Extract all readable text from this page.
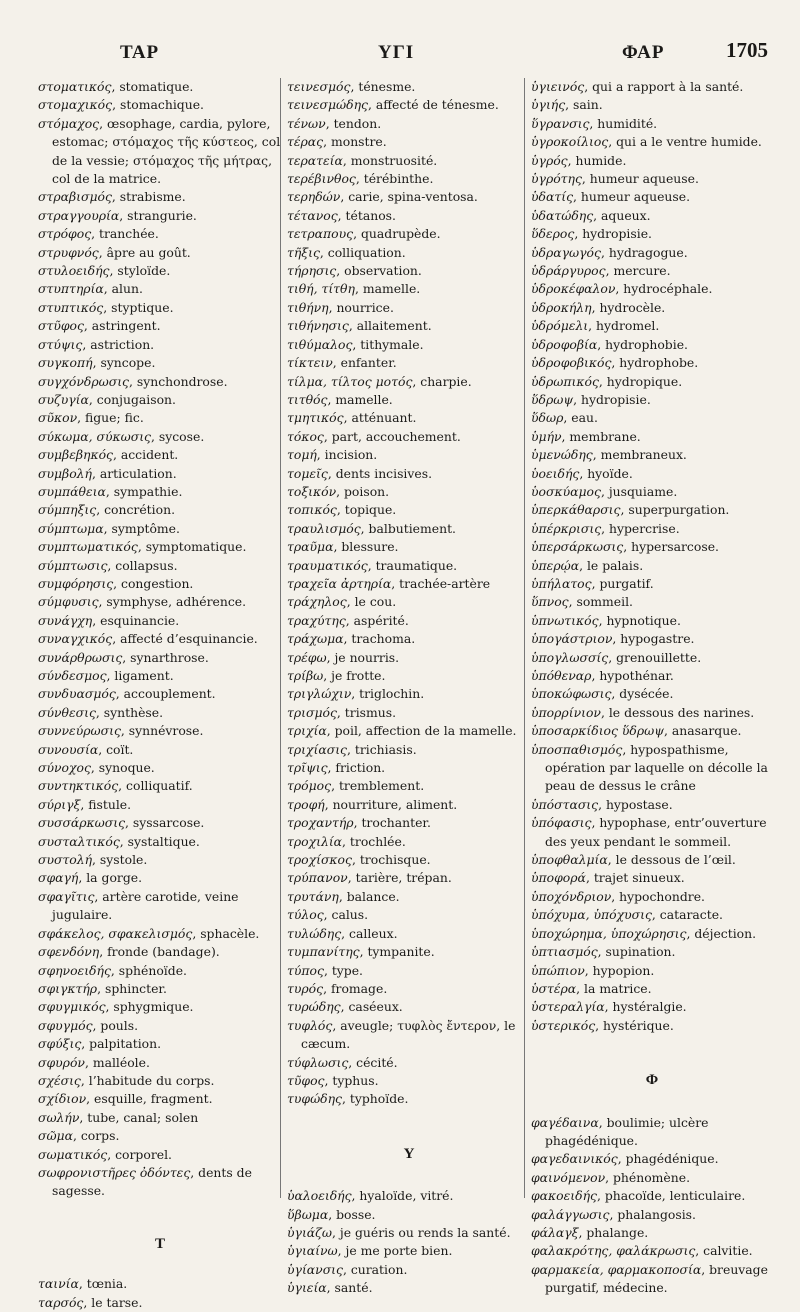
ΤΑΡ	ΥΓΙ	ΦΑΡ	1705
στοματικός, stomatique.
στομαχικός, stomachique.
στόμαχος, œsophage, cardia, pylore, estomac; στόμαχος τῆς κύστεος, col de la vessie; στόμαχος τῆς μήτρας, col de la matrice.
στραβισμός, strabisme.
στραγγουρία, strangurie.
στρόφος, tranchée.
στρυφνός, âpre au goût.
στυλοειδής, styloïde.
στυπτηρία, alun.
στυπτικός, styptique.
στῦφος, astringent.
στύψις, astriction.
συγκοπή, syncope.
συγχόνδρωσις, synchondrose.
συζυγία, conjugaison.
σῦκον, figue; fic.
σύκωμα, σύκωσις, sycose.
συμβεβηκός, accident.
συμβολή, articulation.
συμπάθεια, sympathie.
σύμπηξις, concrétion.
σύμπτωμα, symptôme.
συμπτωματικός, symptomatique.
σύμπτωσις, collapsus.
συμφόρησις, congestion.
σύμφυσις, symphyse, adhérence.
συνάγχη, esquinancie.
συναγχικός, affecté d’esquinancie.
συνάρθρωσις, synarthrose.
σύνδεσμος, ligament.
συνδυασμός, accouplement.
σύνθεσις, synthèse.
συννεύρωσις, synnévrose.
συνουσία, coït.
σύνοχος, synoque.
συντηκτικός, colliquatif.
σύριγξ, fistule.
συσσάρκωσις, syssarcose.
συσταλτικός, systaltique.
συστολή, systole.
σφαγή, la gorge.
σφαγῖτις, artère carotide, veine jugulaire.
σφάκελος, σφακελισμός, sphacèle.
σφενδόνη, fronde (bandage).
σφηνοειδής, sphénoïde.
σφιγκτήρ, sphincter.
σφυγμικός, sphygmique.
σφυγμός, pouls.
σφύξις, palpitation.
σφυρόν, malléole.
σχέσις, l’habitude du corps.
σχίδιον, esquille, fragment.
σωλήν, tube, canal; solen
σῶμα, corps.
σωματικός, corporel.
σωφρονιστῆρες ὀδόντες, dents de sagesse.
Τ
ταινία, tœnia.
ταρσός, le tarse.
τεινεσμός, ténesme.
τεινεσμώδης, affecté de ténesme.
τένων, tendon.
τέρας, monstre.
τερατεία, monstruosité.
τερέβινθος, térébinthe.
τερηδών, carie, spina-ventosa.
τέτανος, tétanos.
τετραπους, quadrupède.
τῆξις, colliquation.
τήρησις, observation.
τιθή, τίτθη, mamelle.
τιθήνη, nourrice.
τιθήνησις, allaitement.
τιθύμαλος, tithymale.
τίκτειν, enfanter.
τίλμα, τίλτος μοτός, charpie.
τιτθός, mamelle.
τμητικός, atténuant.
τόκος, part, accouchement.
τομή, incision.
τομεῖς, dents incisives.
τοξικόν, poison.
τοπικός, topique.
τραυλισμός, balbutiement.
τραῦμα, blessure.
τραυματικός, traumatique.
τραχεῖα ἀρτηρία, trachée-artère
τράχηλος, le cou.
τραχύτης, aspérité.
τράχωμα, trachoma.
τρέφω, je nourris.
τρίβω, je frotte.
τριγλώχιν, triglochin.
τρισμός, trismus.
τριχία, poil, affection de la mamelle.
τριχίασις, trichiasis.
τρῖψις, friction.
τρόμος, tremblement.
τροφή, nourriture, aliment.
τροχαντήρ, trochanter.
τροχιλία, trochlée.
τροχίσκος, trochisque.
τρύπανον, tarière, trépan.
τρυτάνη, balance.
τύλος, calus.
τυλώδης, calleux.
τυμπανίτης, tympanite.
τύπος, type.
τυρός, fromage.
τυρώδης, caséeux.
τυφλός, aveugle; τυφλὸς ἔντερον, le cæcum.
τύφλωσις, cécité.
τῦφος, typhus.
τυφώδης, typhoïde.
Υ
ὑαλοειδής, hyaloïde, vitré.
ὕβωμα, bosse.
ὑγιάζω, je guéris ou rends la santé.
ὑγιαίνω, je me porte bien.
ὑγίανσις, curation.
ὑγιεία, santé.
ὑγιεινός, qui a rapport à la santé.
ὑγιής, sain.
ὕγρανσις, humidité.
ὑγροκοίλιος, qui a le ventre humide.
ὑγρός, humide.
ὑγρότης, humeur aqueuse.
ὑδατίς, humeur aqueuse.
ὑδατώδης, aqueux.
ὕδερος, hydropisie.
ὑδραγωγός, hydragogue.
ὑδράργυρος, mercure.
ὑδροκέφαλον, hydrocéphale.
ὑδροκήλη, hydrocèle.
ὑδρόμελι, hydromel.
ὑδροφοβία, hydrophobie.
ὑδροφοβικός, hydrophobe.
ὑδρωπικός, hydropique.
ὕδρωψ, hydropisie.
ὕδωρ, eau.
ὑμήν, membrane.
ὑμενώδης, membraneux.
ὑοειδής, hyoïde.
ὑοσκύαμος, jusquiame.
ὑπερκάθαρσις, superpurgation.
ὑπέρκρισις, hypercrise.
ὑπερσάρκωσις, hypersarcose.
ὑπερῴα, le palais.
ὑπήλατος, purgatif.
ὕπνος, sommeil.
ὑπνωτικός, hypnotique.
ὑπογάστριον, hypogastre.
ὑπογλωσσίς, grenouillette.
ὑπόθεναρ, hypothénar.
ὑποκώφωσις, dysécée.
ὑπορρίνιον, le dessous des narines.
ὑποσαρκίδιος ὕδρωψ, anasarque.
ὑποσπαθισμός, hypospathisme, opération par laquelle on décolle la peau de dessus le crâne
ὑπόστασις, hypostase.
ὑπόφασις, hypophase, entr’ouverture des yeux pendant le sommeil.
ὑποφθαλμία, le dessous de l’œil.
ὑποφορά, trajet sinueux.
ὑποχόνδριον, hypochondre.
ὑπόχυμα, ὑπόχυσις, cataracte.
ὑποχώρημα, ὑποχώρησις, déjection.
ὑπτιασμός, supination.
ὑπώπιον, hypopion.
ὑστέρα, la matrice.
ὑστεραλγία, hystéralgie.
ὑστερικός, hystérique.
Φ
φαγέδαινα, boulimie; ulcère phagédénique.
φαγεδαινικός, phagédénique.
φαινόμενον, phénomène.
φακοειδής, phacoïde, lenticulaire.
φαλάγγωσις, phalangosis.
φάλαγξ, phalange.
φαλακρότης, φαλάκρωσις, calvitie.
φαρμακεία, φαρμακοποσία, breuvage purgatif, médecine.
